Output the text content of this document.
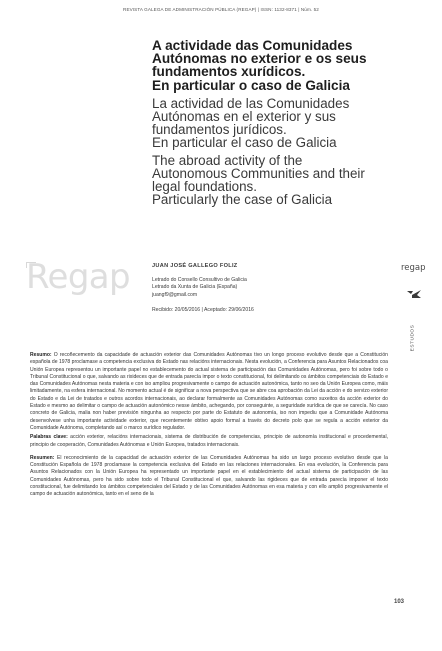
REVISTA GALEGA DE ADMINISTRACIÓN PÚBLICA (REGAP) | ISSN: 1132-8371 | Núm. 52
A actividade das Comunidades
Autónomas no exterior e os seus
fundamentos xurídicos.
En particular o caso de Galicia
La actividad de las Comunidades
Autónomas en el exterior y sus
fundamentos jurídicos.
En particular el caso de Galicia
The abroad activity of the
Autonomous Communities and their
legal foundations.
Particularly the case of Galicia
Regap	JUAN JOSÉ GALLEGO FOLIZ
Letrado do Consello Consultivo de Galicia
Letrado da Xunta de Galicia (España)
juangf9@gmail.com
Recibido: 20/05/2016 | Aceptado: 29/06/2016
regap
ESTUDOS

Resumo: O recoñecemento da capacidade de actuación exterior das Comunidades Autónomas tivo un longo proceso evolutivo desde que a Constitución española de 1978 proclamase a competencia exclusiva do Estado nas relacións internacionais. Nesta evolución, a Conferencia para Asuntos Relacionados coa Unión Europea representou un importante papel no establecemento do actual sistema de participación das Comunidades Autónomas, pero foi sobre todo o Tribunal Constitucional o que, salvando as rixideces que de entrada parecía impor o texto constitucional, foi delimitando os ámbitos competenciais do Estado e das Comunidades Autónomas nesta materia e con iso ampliou progresivamente o campo de actuación autonómica, tanto no seo da Unión Europea como, máis limitadamente, na esfera internacional. No momento actual é de significar a nova perspectiva que se abre coa aprobación da Lei da acción e do servizo exterior do Estado e da Lei de tratados e outros acordos internacionais, ao declarar formalmente as Comunidades Autónomas como suxeitos da acción exterior do Estado e mesmo ao delimitar o campo de actuación autonómico nesse ámbito, achegando, por conseguinte, a seguridade xurídica de que se carecía. No caso concreto de Galicia, malia non haber previsión ningunha ao respecto por parte do Estatuto de autonomía, iso non impediu que a Comunidade Autónoma desenvolvese unha importante actividade exterior, que recentemente obtivo apoio formal a través do decreto polo que se regula a acción exterior da Comunidade Autónoma, completando así o marco xurídico regulador.

Palabras clave: acción exterior, relacións internacionais, sistema de distribución de competencias, principio de autonomía institucional e procedemental, principio de cooperación, Comunidades Autónomas e Unión Europea, tratados internacionais.

Resumen: El reconocimiento de la capacidad de actuación exterior de las Comunidades Autónomas ha sido un largo proceso evolutivo desde que la Constitución Española de 1978 proclamase la competencia exclusiva del Estado en las relaciones internacionales. En esa evolución, la Conferencia para Asuntos Relacionados con la Unión Europea ha representado un importante papel en el establecimiento del actual sistema de participación de las Comunidades Autónomas, pero ha sido sobre todo el Tribunal Constitucional el que, salvando las rigideces que de entrada parecía imponer el texto constitucional, fue delimitando los ámbitos competenciales del Estado y de las Comunidades Autónomas en esa materia y con ello amplió progresivamente el campo de actuación autonómica, tanto en el seno de la

103
